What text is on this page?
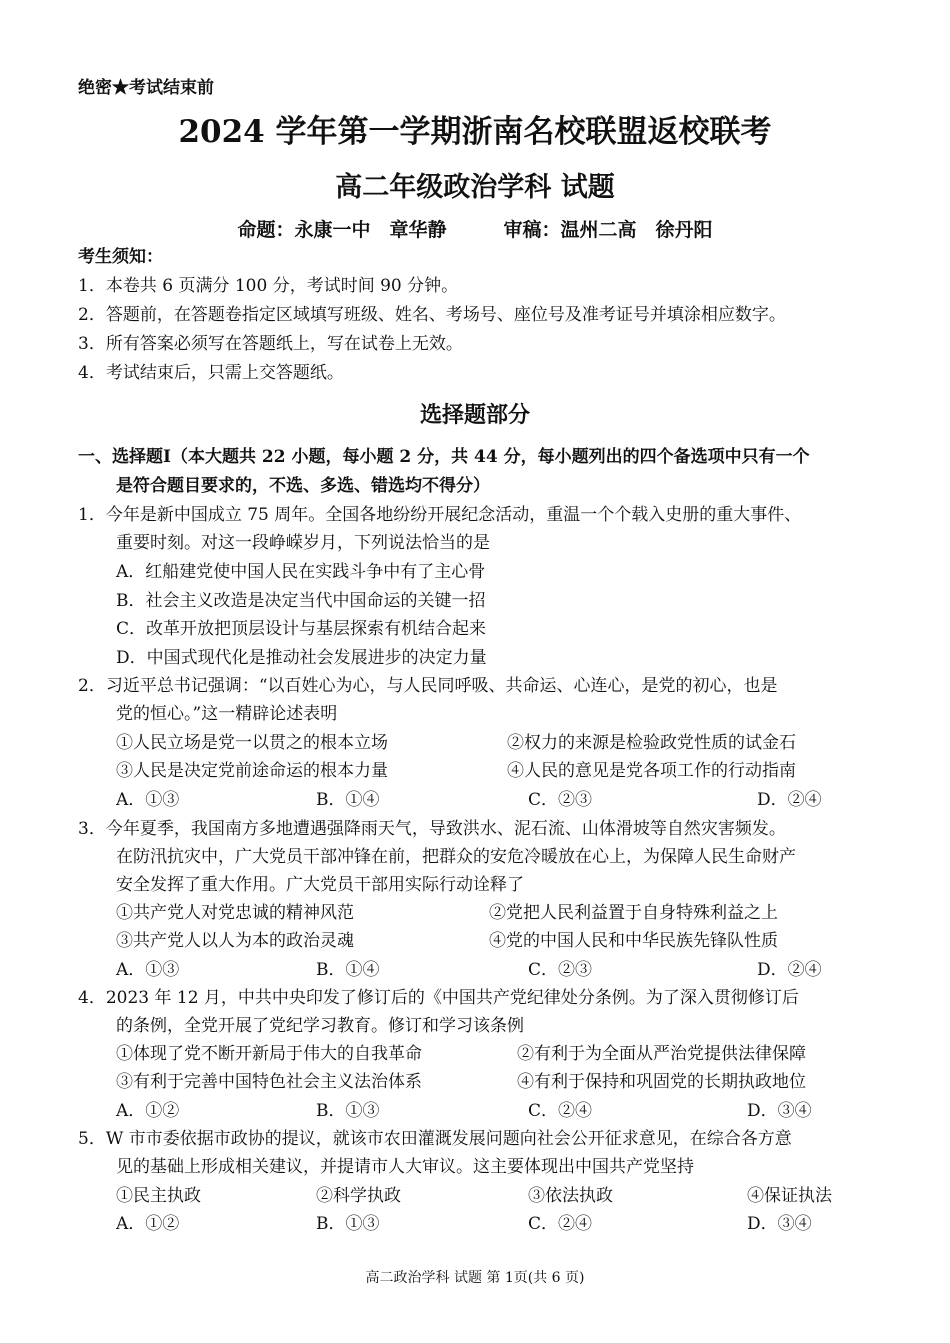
绝密★考试结束前
2024 学年第一学期浙南名校联盟返校联考
高二年级政治学科 试题
命题：永康一中　章华静　　　审稿：温州二高　徐丹阳
考生须知：
1．本卷共 6 页满分 100 分，考试时间 90 分钟。
2．答题前，在答题卷指定区域填写班级、姓名、考场号、座位号及准考证号并填涂相应数字。
3．所有答案必须写在答题纸上，写在试卷上无效。
4．考试结束后，只需上交答题纸。
选择题部分
一、选择题Ⅰ（本大题共 22 小题，每小题 2 分，共 44 分，每小题列出的四个备选项中只有一个
是符合题目要求的，不选、多选、错选均不得分）
1．今年是新中国成立 75 周年。全国各地纷纷开展纪念活动，重温一个个载入史册的重大事件、
重要时刻。对这一段峥嵘岁月，下列说法恰当的是
A．红船建党使中国人民在实践斗争中有了主心骨
B．社会主义改造是决定当代中国命运的关键一招
C．改革开放把顶层设计与基层探索有机结合起来
D．中国式现代化是推动社会发展进步的决定力量
2．习近平总书记强调：“以百姓心为心，与人民同呼吸、共命运、心连心，是党的初心，也是
党的恒心。”这一精辟论述表明
①人民立场是党一以贯之的根本立场	②权力的来源是检验政党性质的试金石
③人民是决定党前途命运的根本力量	④人民的意见是党各项工作的行动指南
A．①③	B．①④	C．②③	D．②④
3．今年夏季，我国南方多地遭遇强降雨天气，导致洪水、泥石流、山体滑坡等自然灾害频发。
在防汛抗灾中，广大党员干部冲锋在前，把群众的安危冷暖放在心上，为保障人民生命财产
安全发挥了重大作用。广大党员干部用实际行动诠释了
①共产党人对党忠诚的精神风范	②党把人民利益置于自身特殊利益之上
③共产党人以人为本的政治灵魂	④党的中国人民和中华民族先锋队性质
A．①③	B．①④	C．②③	D．②④
4．2023 年 12 月，中共中央印发了修订后的《中国共产党纪律处分条例。为了深入贯彻修订后
的条例，全党开展了党纪学习教育。修订和学习该条例
①体现了党不断开新局于伟大的自我革命	②有利于为全面从严治党提供法律保障
③有利于完善中国特色社会主义法治体系	④有利于保持和巩固党的长期执政地位
A．①②	B．①③	C．②④	D．③④
5．W 市市委依据市政协的提议，就该市农田灌溉发展问题向社会公开征求意见，在综合各方意
见的基础上形成相关建议，并提请市人大审议。这主要体现出中国共产党坚持
①民主执政	②科学执政	③依法执政	④保证执法
A．①②	B．①③	C．②④	D．③④
高二政治学科 试题 第 1页(共 6 页)
